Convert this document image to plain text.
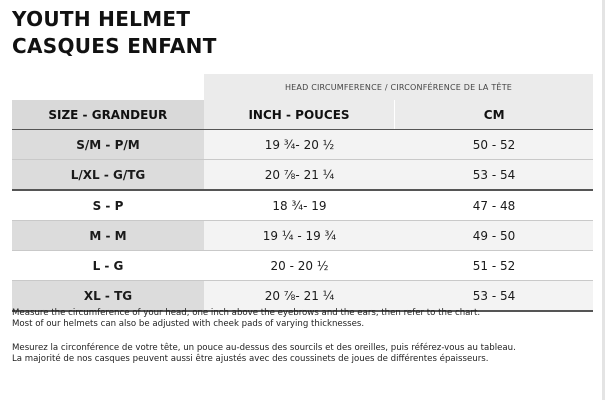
YOUTH HELMET
CASQUES ENFANT
HEAD CIRCUMFERENCE / CIRCONFÉRENCE DE LA TÊTE
SIZE - GRANDEUR	INCH - POUCES	CM
S/M - P/M	19 ¾- 20 ½	50 - 52
L/XL - G/TG	20 ⅞- 21 ¼	53 - 54
S - P	18 ¾- 19	47 - 48
M - M	19 ¼ - 19 ¾	49 - 50
L - G	20 - 20 ½	51 - 52
XL - TG	20 ⅞- 21 ¼	53 - 54

Measure the circumference of your head, one inch above the eyebrows and the ears, then refer to the chart.

Most of our helmets can also be adjusted with cheek pads of varying thicknesses.

Mesurez la circonférence de votre tête, un pouce au-dessus des sourcils et des oreilles, puis référez-vous au tableau.

La majorité de nos casques peuvent aussi être ajustés avec des coussinets de joues de différentes épaisseurs.
